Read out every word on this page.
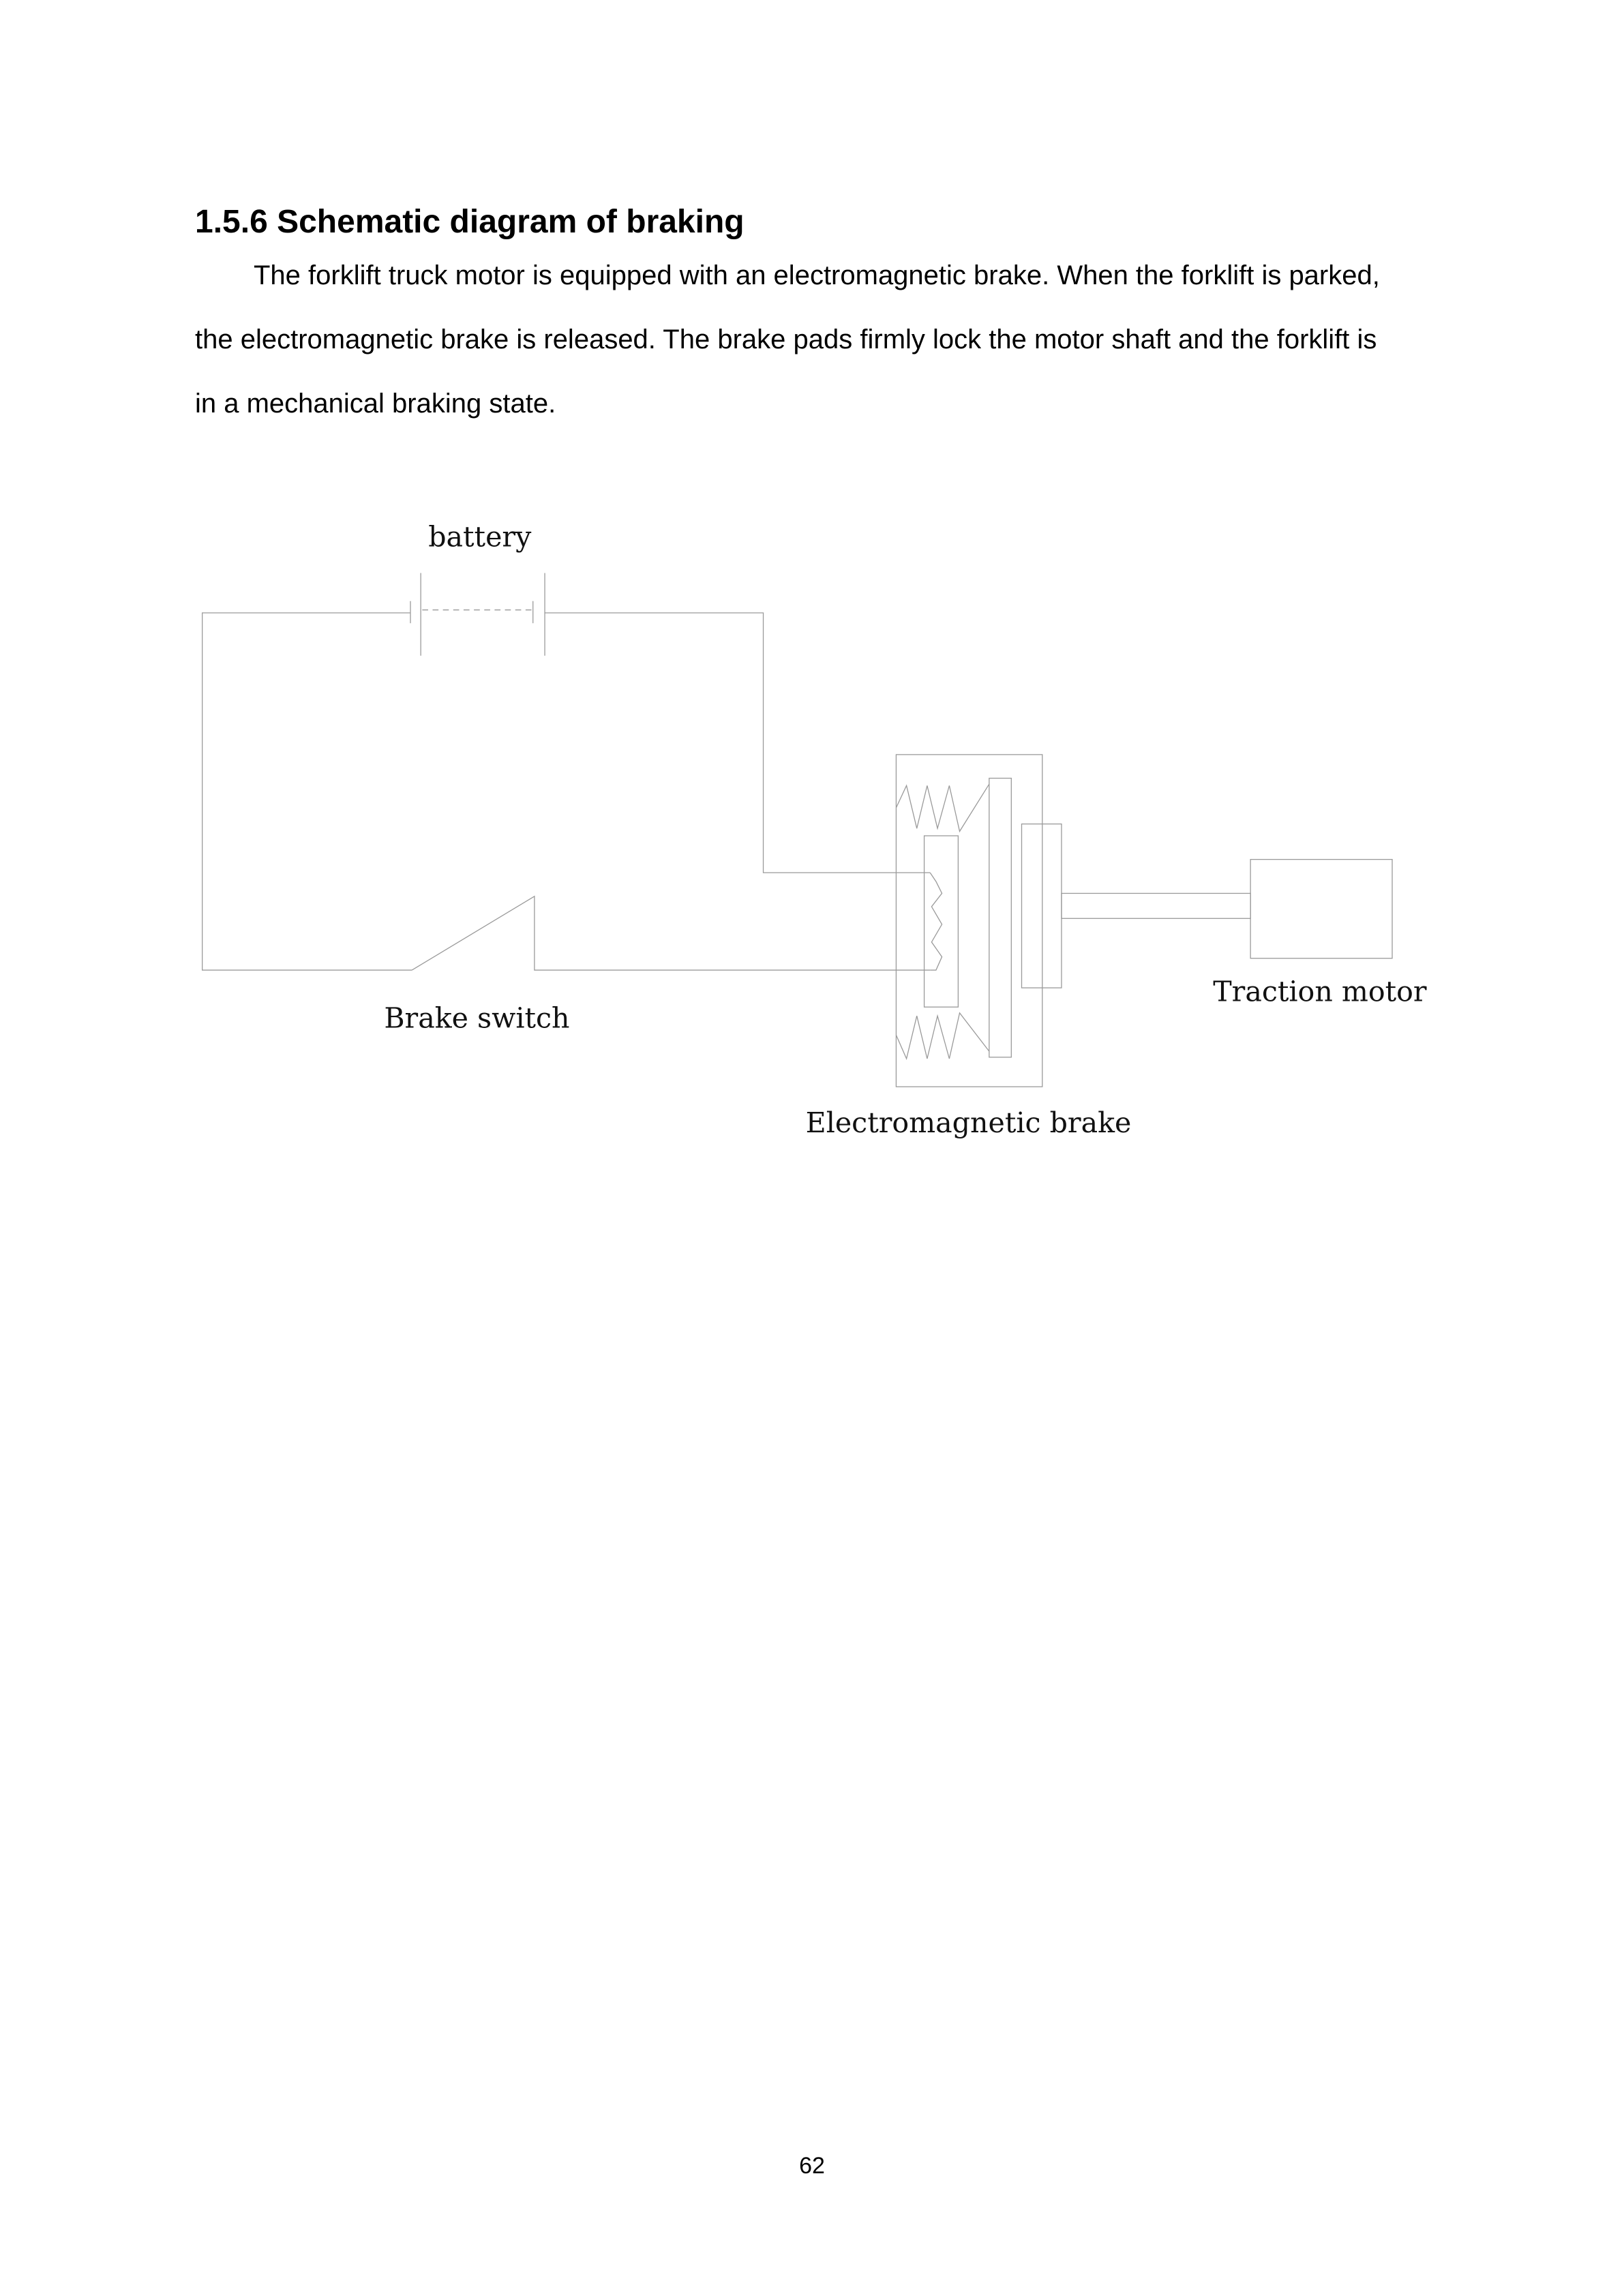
1.5.6 Schematic diagram of braking
The forklift truck motor is equipped with an electromagnetic brake. When the forklift is parked,
the electromagnetic brake is released. The brake pads firmly lock the motor shaft and the forklift is
in a mechanical braking state.
battery
Brake switch
Traction motor
Electromagnetic brake
62
